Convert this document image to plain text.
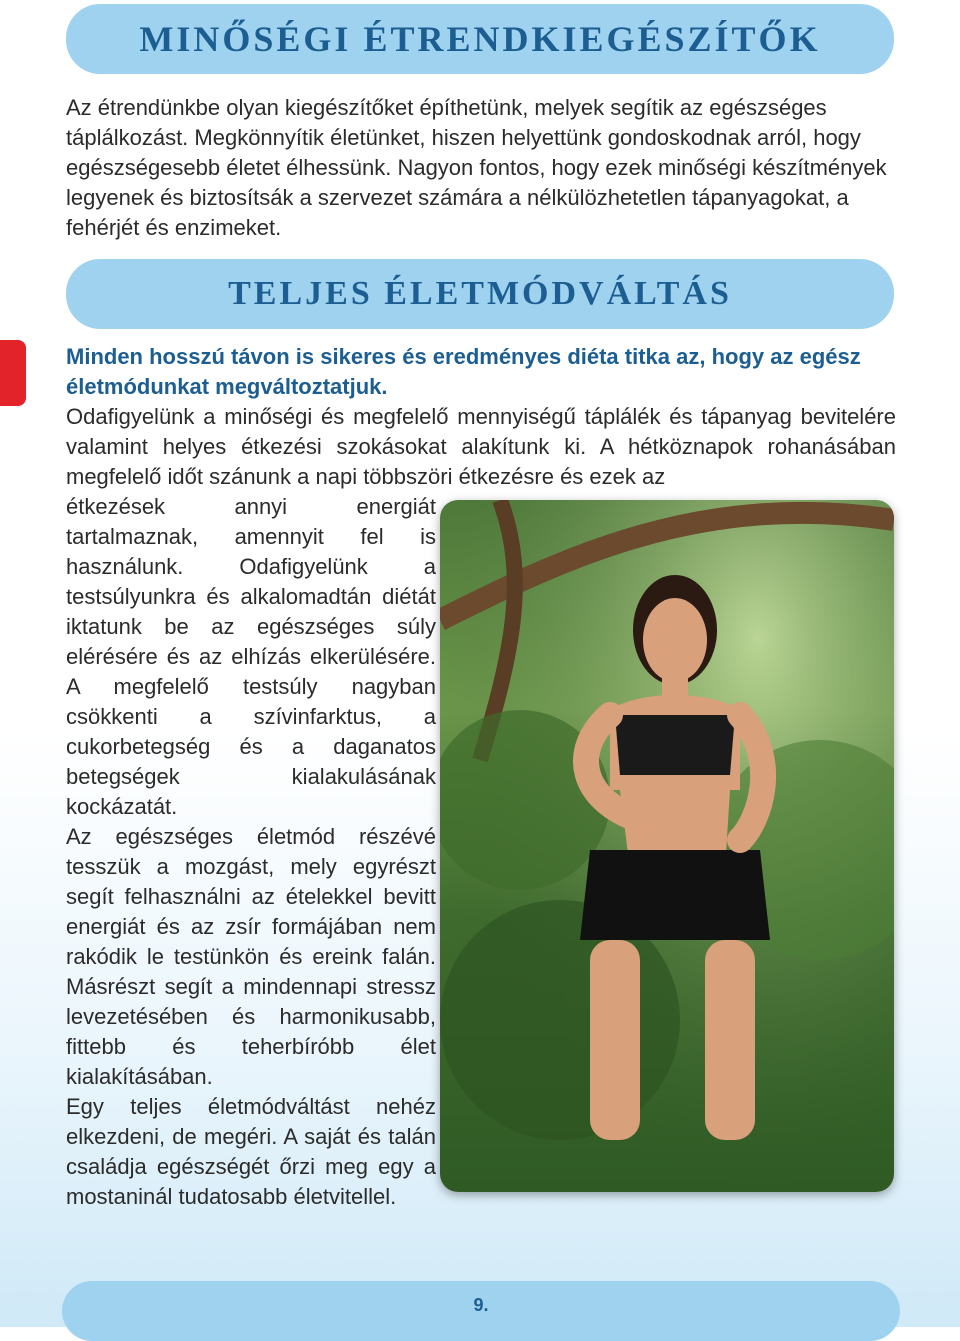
MINŐSÉGI ÉTRENDKIEGÉSZÍTŐK
Az étrendünkbe olyan kiegészítőket építhetünk, melyek segítik az egészséges táplálkozást. Megkönnyítik életünket, hiszen helyettünk gondoskodnak arról, hogy egészségesebb életet élhessünk. Nagyon fontos, hogy ezek minőségi készítmények legyenek és biztosítsák a szervezet számára a nélkülözhetetlen tápanyagokat, a fehérjét és enzimeket.
TELJES ÉLETMÓDVÁLTÁS
Minden hosszú távon is sikeres és eredményes diéta titka az, hogy az egész életmódunkat megváltoztatjuk.

Odafigyelünk a minőségi és megfelelő mennyiségű táplálék és tápanyag bevitelére valamint helyes étkezési szokásokat alakítunk ki. A hétköznapok rohanásában megfelelő időt szánunk a napi többszöri étkezésre és ezek az

étkezések annyi energiát tartalmaznak, amennyit fel is használunk. Odafigyelünk a testsúlyunkra és alkalomadtán diétát iktatunk be az egészséges súly elérésére és az elhízás elkerülésére. A megfelelő testsúly nagyban csökkenti a szívinfarktus, a cukorbetegség és a daganatos betegségek kialakulásának kockázatát.

Az egészséges életmód részévé tesszük a mozgást, mely egyrészt segít felhasználni az ételekkel bevitt energiát és az zsír formájában nem rakódik le testünkön és ereink falán. Másrészt segít a mindennapi stressz levezetésében és harmonikusabb, fittebb és teherbíróbb élet kialakításában.

Egy teljes életmódváltást nehéz elkezdeni, de megéri. A saját és talán családja egészségét őrzi meg egy a mostaninál tudatosabb életvitellel.

9.
